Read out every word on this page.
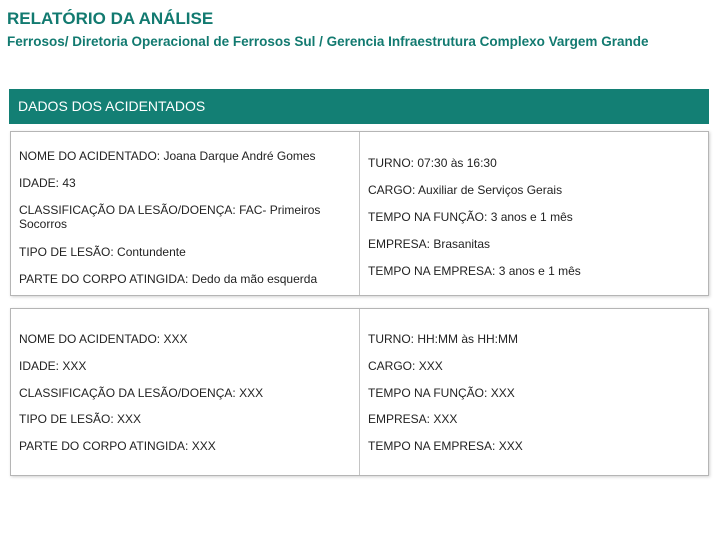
RELATÓRIO DA ANÁLISE
Ferrosos/ Diretoria Operacional de Ferrosos Sul / Gerencia Infraestrutura Complexo Vargem Grande
DADOS DOS ACIDENTADOS
NOME DO ACIDENTADO: Joana Darque André Gomes
IDADE: 43
CLASSIFICAÇÃO DA LESÃO/DOENÇA: FAC- Primeiros Socorros
TIPO DE LESÃO: Contundente
PARTE DO CORPO ATINGIDA: Dedo da mão esquerda
TURNO: 07:30 às 16:30
CARGO: Auxiliar de Serviços Gerais
TEMPO NA FUNÇÃO: 3 anos e 1 mês
EMPRESA: Brasanitas
TEMPO NA EMPRESA: 3 anos e 1 mês
NOME DO ACIDENTADO: XXX
IDADE: XXX
CLASSIFICAÇÃO DA LESÃO/DOENÇA: XXX
TIPO DE LESÃO: XXX
PARTE DO CORPO ATINGIDA: XXX
TURNO: HH:MM às HH:MM
CARGO: XXX
TEMPO NA FUNÇÃO: XXX
EMPRESA: XXX
TEMPO NA EMPRESA: XXX
